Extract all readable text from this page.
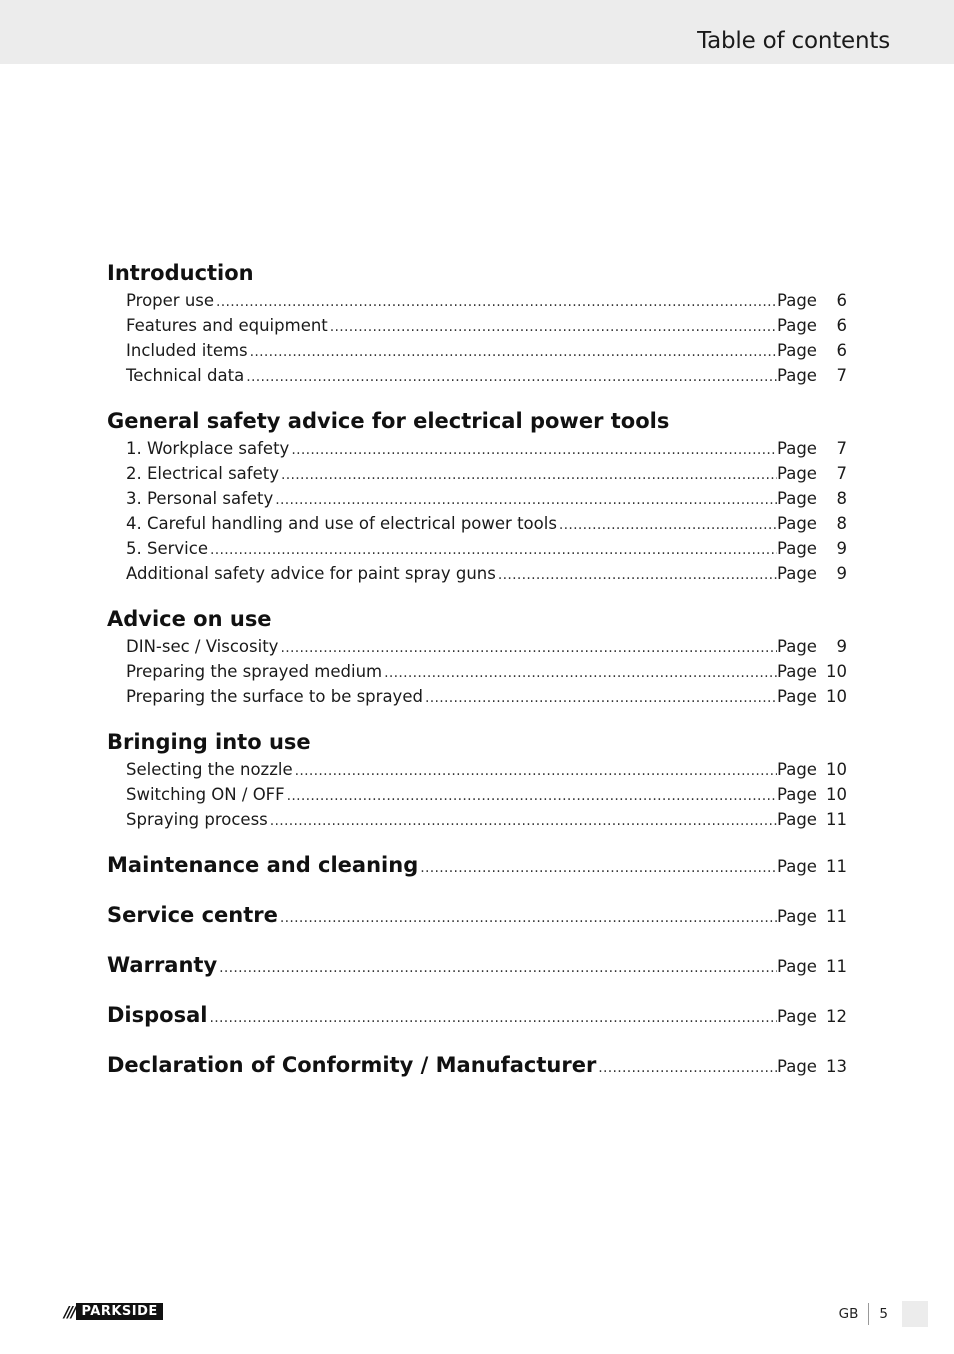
Table of contents
Introduction
Proper use .....	Page	6
Features and equipment .....	Page	6
Included items .....	Page	6
Technical data .....	Page	7
General safety advice for electrical power tools
1. Workplace safety .....	Page	7
2. Electrical safety .....	Page	7
3. Personal safety .....	Page	8
4. Careful handling and use of electrical power tools .....	Page	8
5. Service .....	Page	9
Additional safety advice for paint spray guns .....	Page	9
Advice on use
DIN-sec / Viscosity .....	Page	9
Preparing the sprayed medium .....	Page 10
Preparing the surface to be sprayed .....	Page 10
Bringing into use
Selecting the nozzle .....	Page 10
Switching ON / OFF .....	Page 10
Spraying process .....	Page 11
Maintenance and cleaning .....	Page 11
Service centre .....	Page 11
Warranty .....	Page 11
Disposal .....	Page 12
Declaration of Conformity / Manufacturer .....	Page 13
/// PARKSIDE	GB 5
